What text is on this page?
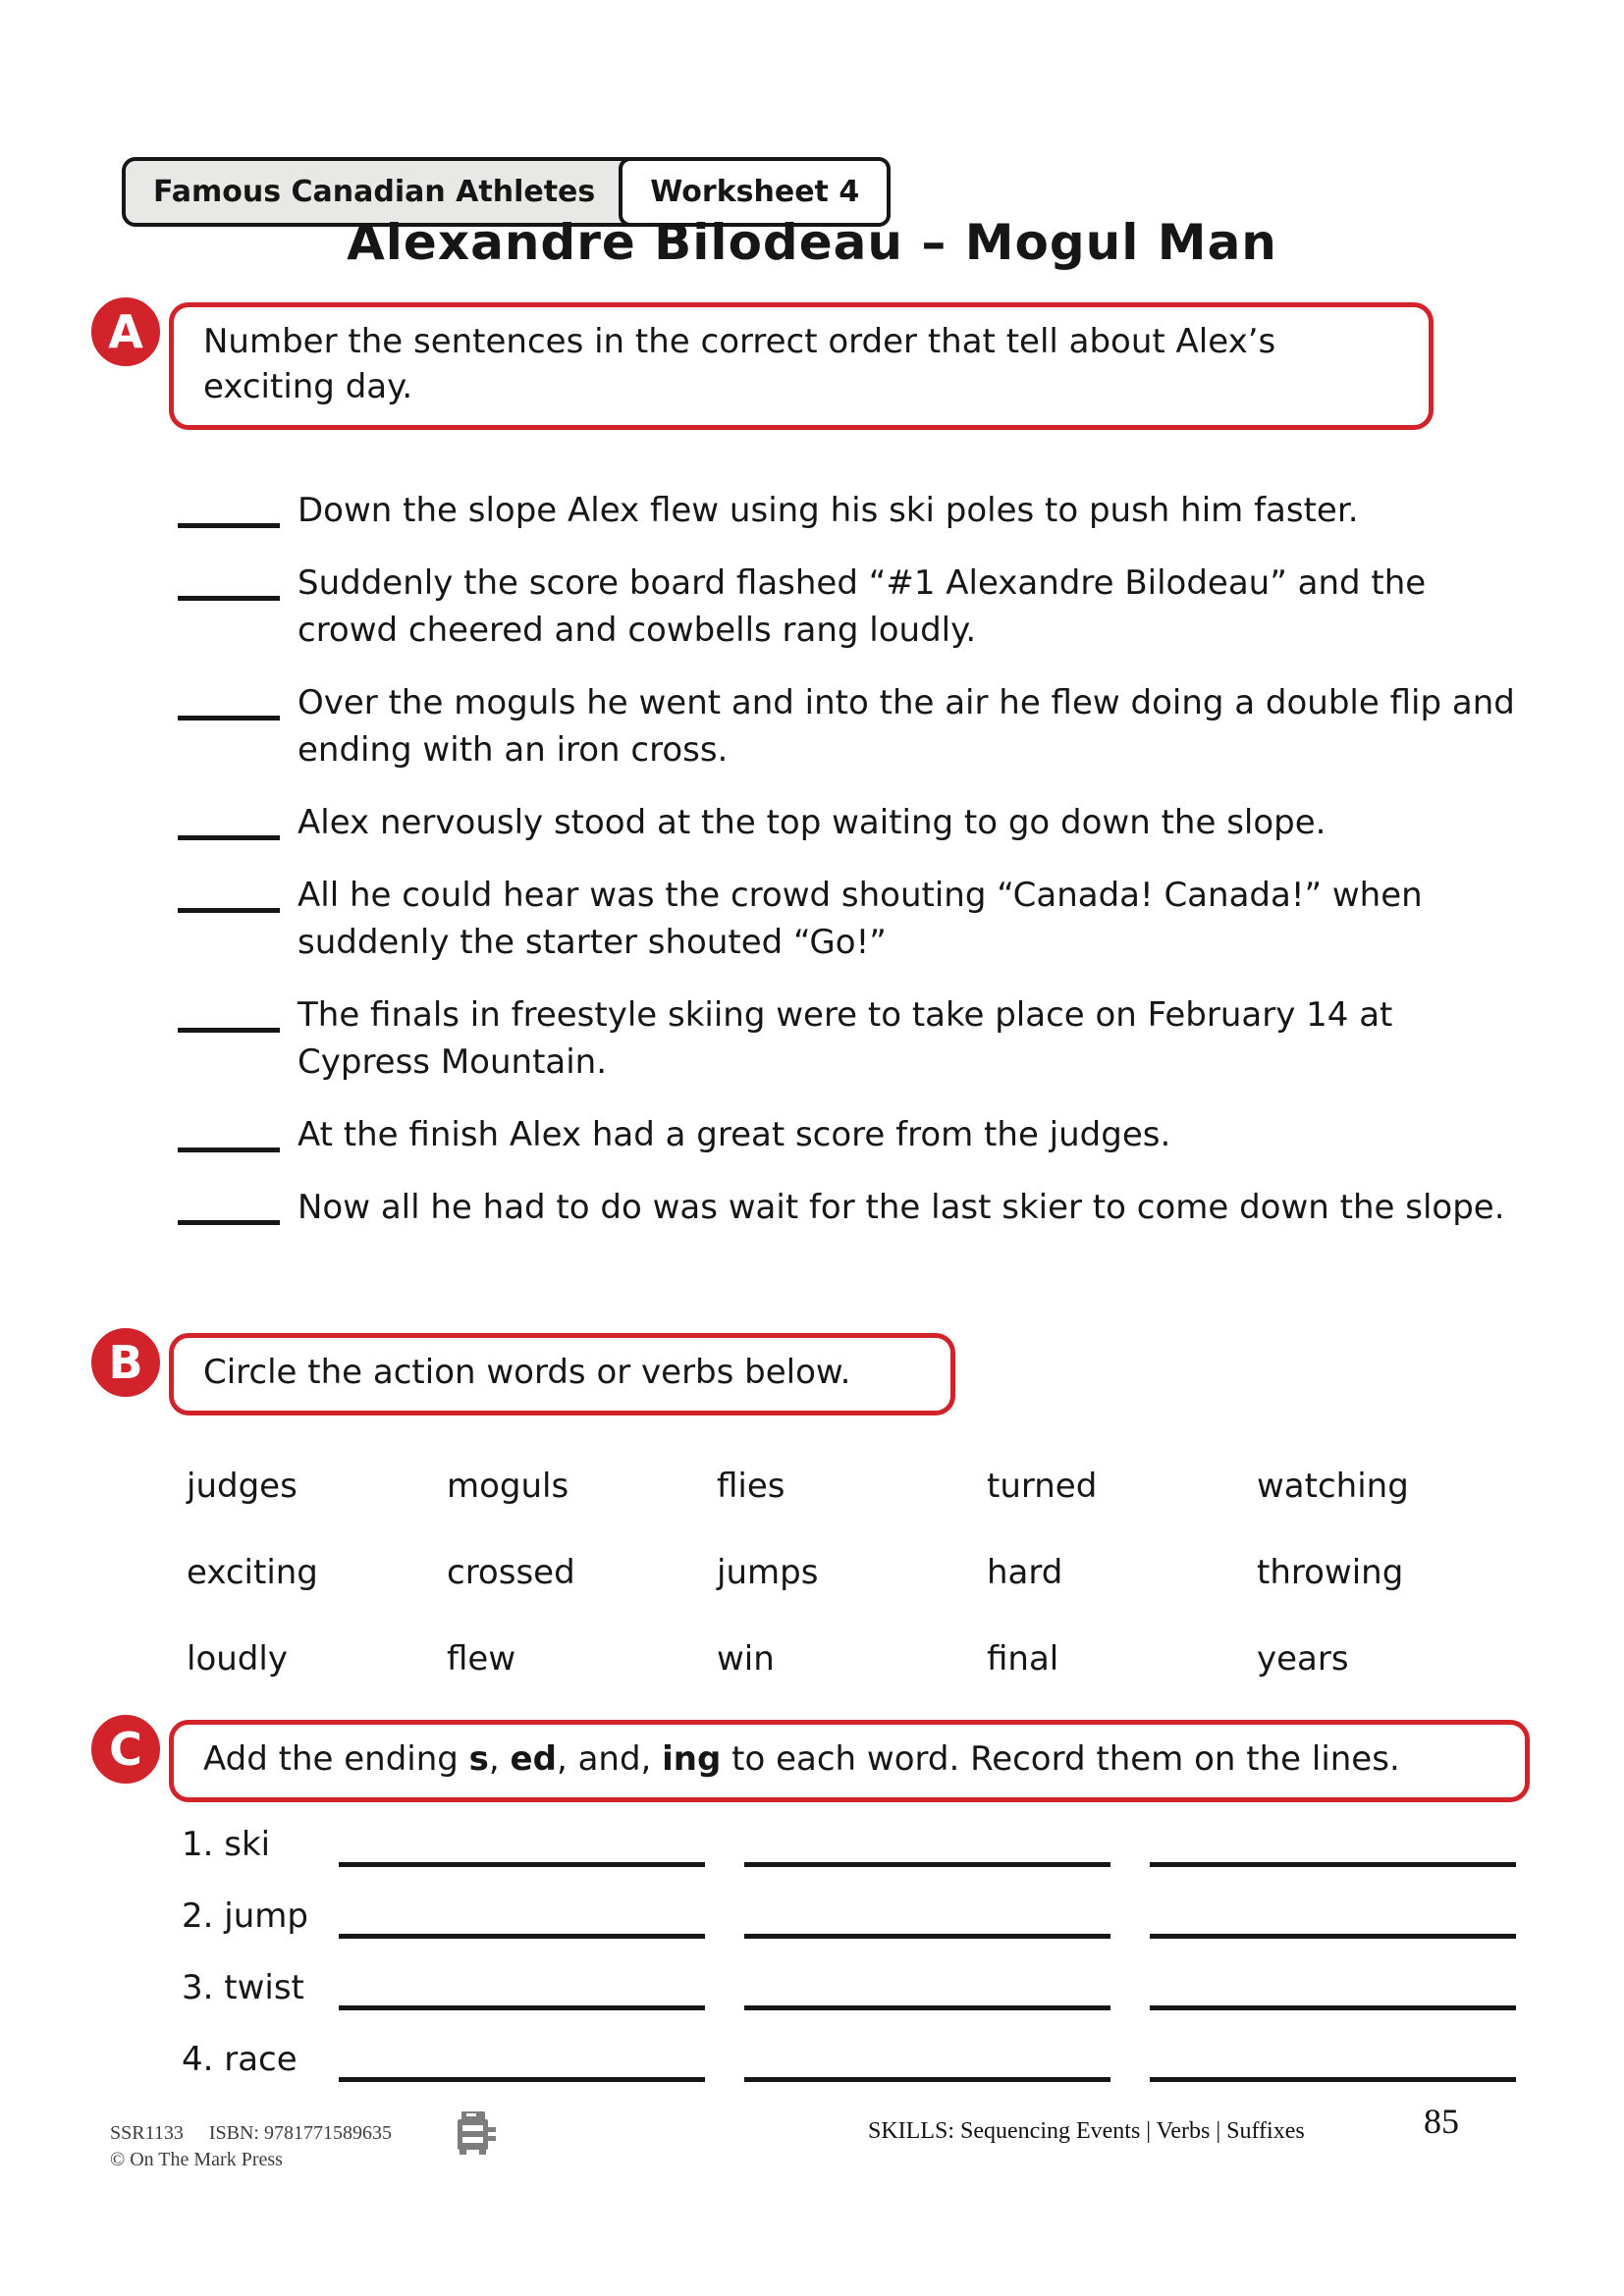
Famous Canadian Athletes	Worksheet 4
Alexandre Bilodeau – Mogul Man
A	Number the sentences in the correct order that tell about Alex’s exciting day.
Down the slope Alex flew using his ski poles to push him faster.
Suddenly the score board flashed “#1 Alexandre Bilodeau” and the crowd cheered and cowbells rang loudly.
Over the moguls he went and into the air he flew doing a double flip and ending with an iron cross.
Alex nervously stood at the top waiting to go down the slope.
All he could hear was the crowd shouting “Canada! Canada!” when suddenly the starter shouted “Go!”
The finals in freestyle skiing were to take place on February 14 at Cypress Mountain.
At the finish Alex had a great score from the judges.
Now all he had to do was wait for the last skier to come down the slope.
B	Circle the action words or verbs below.
judges	moguls	flies	turned	watching
exciting	crossed	jumps	hard	throwing
loudly	flew	win	final	years
C	Add the ending s, ed, and, ing to each word. Record them on the lines.
1. ski
2. jump
3. twist
4. race
SSR1133 ISBN: 9781771589635
© On The Mark Press
SKILLS: Sequencing Events | Verbs | Suffixes	85
